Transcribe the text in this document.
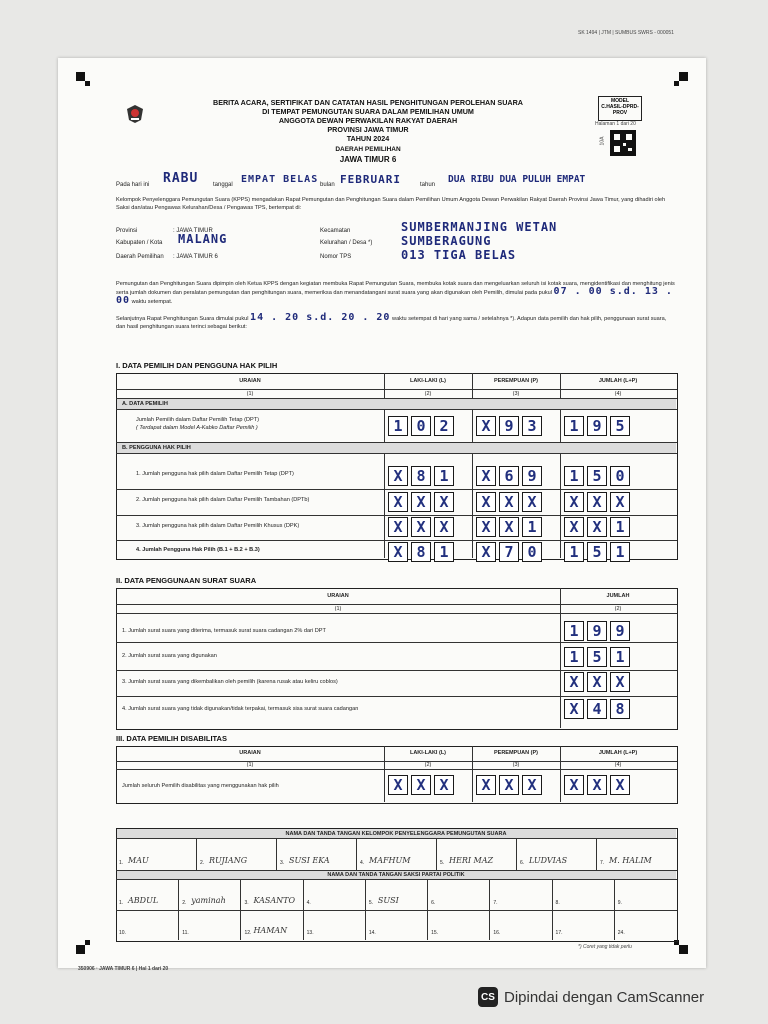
SK 1494 | JTM | SUMBUS SWRS - 000051
BERITA ACARA, SERTIFIKAT DAN CATATAN HASIL PENGHITUNGAN PEROLEHAN SUARA
DI TEMPAT PEMUNGUTAN SUARA DALAM PEMILIHAN UMUM
ANGGOTA DEWAN PERWAKILAN RAKYAT DAERAH
PROVINSI JAWA TIMUR
TAHUN 2024
DAERAH PEMILIHAN
JAWA TIMUR 6
MODEL
C.HASIL-DPRD-
PROV
Halaman 1 dari 20
10A
Pada hari ini RABU tanggal EMPAT BELAS bulan FEBRUARI	tahun DUA RIBU DUA PULUH EMPAT
Kelompok Penyelenggara Pemungutan Suara (KPPS) mengadakan Rapat Pemungutan dan Penghitungan Suara dalam Pemilihan Umum Anggota Dewan Perwakilan Rakyat Daerah Provinsi Jawa Timur, yang dihadiri oleh Saksi dan/atau Pengawas Kelurahan/Desa / Pengawas TPS, bertempat di:
Provinsi	: JAWA TIMUR
Kabupaten / Kota MALANG
Daerah Pemilihan : JAWA TIMUR 6
Kecamatan	SUMBERMANJING WETAN
Kelurahan / Desa *) SUMBERAGUNG
Nomor TPS	013 TIGA BELAS
Pemungutan dan Penghitungan Suara dipimpin oleh Ketua KPPS dengan kegiatan membuka Rapat Pemungutan Suara, membuka kotak suara dan mengeluarkan seluruh isi kotak suara, mengidentifikasi dan menghitung jenis serta jumlah dokumen dan peralatan pemungutan dan penghitungan suara, memeriksa dan menandatangani surat suara yang akan digunakan oleh Pemilih, dimulai pada pukul 07 . 00 s.d. 13 . 00 waktu setempat.
Selanjutnya Rapat Penghitungan Suara dimulai pukul 14 . 20 s.d. 20 . 20 waktu setempat di hari yang sama / setelahnya *). Adapun data pemilih dan hak pilih, penggunaan surat suara, dan hasil penghitungan suara terinci sebagai berikut:
I. DATA PEMILIH DAN PENGGUNA HAK PILIH
URAIAN	LAKI-LAKI (L)	PEREMPUAN (P)	JUMLAH (L+P)
(1)	(2)	(3)	(4)
A. DATA PEMILIH
Jumlah Pemilih dalam Daftar Pemilih Tetap (DPT)
( Terdapat dalam Model A-Kabko Daftar Pemilih )	1 0 2	X 9 3	1 9 5
B. PENGGUNA HAK PILIH
1. Jumlah pengguna hak pilih dalam Daftar Pemilih Tetap (DPT)	X 8 1	X 6 9	1 5 0
2. Jumlah pengguna hak pilih dalam Daftar Pemilih Tambahan (DPTb)	X X X	X X X	X X X
3. Jumlah pengguna hak pilih dalam Daftar Pemilih Khusus (DPK)	X X X	X X 1	X X 1
4. Jumlah Pengguna Hak Pilih (B.1 + B.2 + B.3)	X 8 1	X 7 0	1 5 1
II. DATA PENGGUNAAN SURAT SUARA
URAIAN	JUMLAH
(1)	(2)
1. Jumlah surat suara yang diterima, termasuk surat suara cadangan 2% dari DPT	1 9 9
2. Jumlah surat suara yang digunakan	1 5 1
3. Jumlah surat suara yang dikembalikan oleh pemilih (karena rusak atau keliru coblos)	X X X
4. Jumlah surat suara yang tidak digunakan/tidak terpakai, termasuk sisa surat suara cadangan	X 4 8
III. DATA PEMILIH DISABILITAS
URAIAN	LAKI-LAKI (L)	PEREMPUAN (P)	JUMLAH (L+P)
(1)	(2)	(3)	(4)
Jumlah seluruh Pemilih disabilitas yang menggunakan hak pilih	X X X	X X X	X X X
NAMA DAN TANDA TANGAN KELOMPOK PENYELENGGARA PEMUNGUTAN SUARA
1. MAU	2. RUJIANG	3. SUSI EKA	4. MAFHUM	5. HERI MAZ	6. LUDVIAS	7. M. HALIM
NAMA DAN TANDA TANGAN SAKSI PARTAI POLITIK
1. ABDUL	2. yaminah	3. KASANTO 4.	5. SUSI	6.	7.	8.	9.
10.	11.	12. HAMAN	13.	14.	15.	16.	17.	24.
*) Coret yang tidak perlu
350906 · JAWA TIMUR 6 | Hal 1 dari 20
CS Dipindai dengan CamScanner
